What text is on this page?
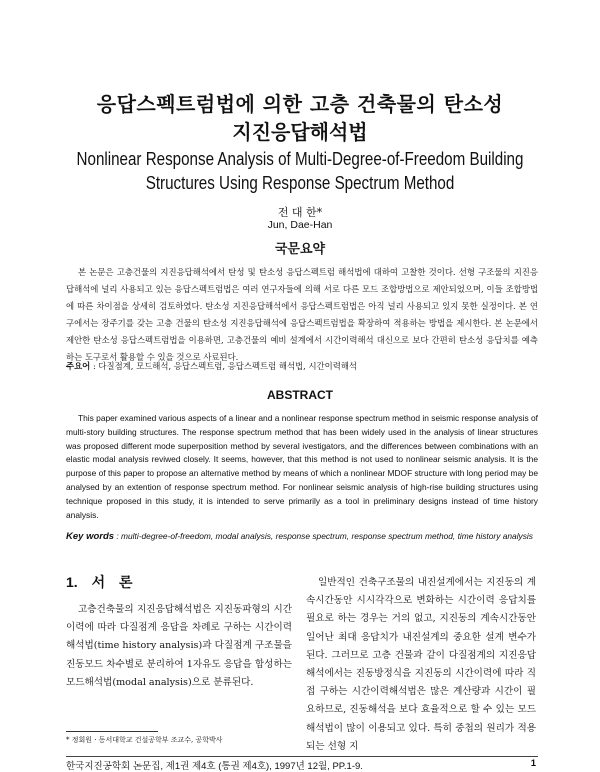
응답스펙트럼법에 의한 고층 건축물의 탄소성
지진응답해석법
Nonlinear Response Analysis of Multi-Degree-of-Freedom Building
Structures Using Response Spectrum Method
전 대 한*
Jun, Dae-Han
국문요약
본 논문은 고층건물의 지진응답해석에서 탄성 및 탄소성 응답스펙트럼 해석법에 대하여 고찰한 것이다. 선형 구조물의 지진응답해석에 널리 사용되고 있는 응답스펙트럼법은 여러 연구자들에 의해 서로 다른 모드 조합방법으로 제안되었으며, 이들 조합방법에 따른 차이점을 상세히 검토하였다. 탄소성 지진응답해석에서 응답스펙트럼법은 아직 널리 사용되고 있지 못한 실정이다. 본 연구에서는 장주기를 갖는 고층 건물의 탄소성 지진응답해석에 응답스펙트럼법을 확장하여 적용하는 방법을 제시한다. 본 논문에서 제안한 탄소성 응답스펙트럼법을 이용하면, 고층건물의 예비 설계에서 시간이력해석 대신으로 보다 간편히 탄소성 응답치를 예측하는 도구로서 활용할 수 있을 것으로 사료된다.
주요어 : 다질점계, 모드해석, 응답스펙트럼, 응답스펙트럼 해석법, 시간이력해석
ABSTRACT
This paper examined various aspects of a linear and a nonlinear response spectrum method in seismic response analysis of multi-story building structures. The response spectrum method that has been widely used in the analysis of linear structures was proposed different mode superposition method by several ivestigators, and the differences between combinations with an elastic modal analysis reviwed closely. It seems, however, that this method is not used to nonlinear seismic analysis. It is the purpose of this paper to propose an alternative method by means of which a nonlinear MDOF structure with long period may be analysed by an extention of response spectrum method. For nonlinear seismic analysis of high-rise building structures using technique proposed in this study, it is intended to serve primarily as a tool in preliminary designs instead of time history analysis.
Key words : multi-degree-of-freedom, modal analysis, response spectrum, response spectrum method, time history analysis
1. 서 론
고층건축물의 지진응답해석법은 지진동파형의 시간이력에 따라 다질점계 응답을 차례로 구하는 시간이력해석법(time history analysis)과 다질점계 구조물을 진동모드 차수별로 분리하여 1자유도 응답을 합성하는 모드해석법(modal analysis)으로 분류된다.
일반적인 건축구조물의 내진설계에서는 지진동의 계속시간동안 시시각각으로 변화하는 시간이력 응답치를 필요로 하는 경우는 거의 없고, 지진동의 계속시간동안 일어난 최대 응답치가 내진설계의 중요한 설계 변수가 된다. 그러므로 고층 건물과 같이 다질점계의 지진응답해석에서는 진동방정식을 지진동의 시간이력에 따라 직접 구하는 시간이력해석법은 많은 계산량과 시간이 필요하므로, 진동해석을 보다 효율적으로 할 수 있는 모드해석법이 많이 이용되고 있다. 특히 중첩의 원리가 적용되는 선형 지
* 정회원 · 동서대학교 건설공학부 조교수, 공학박사
한국지진공학회 논문집, 제1권 제4호 (통권 제4호), 1997년 12월, PP.1-9.	1
